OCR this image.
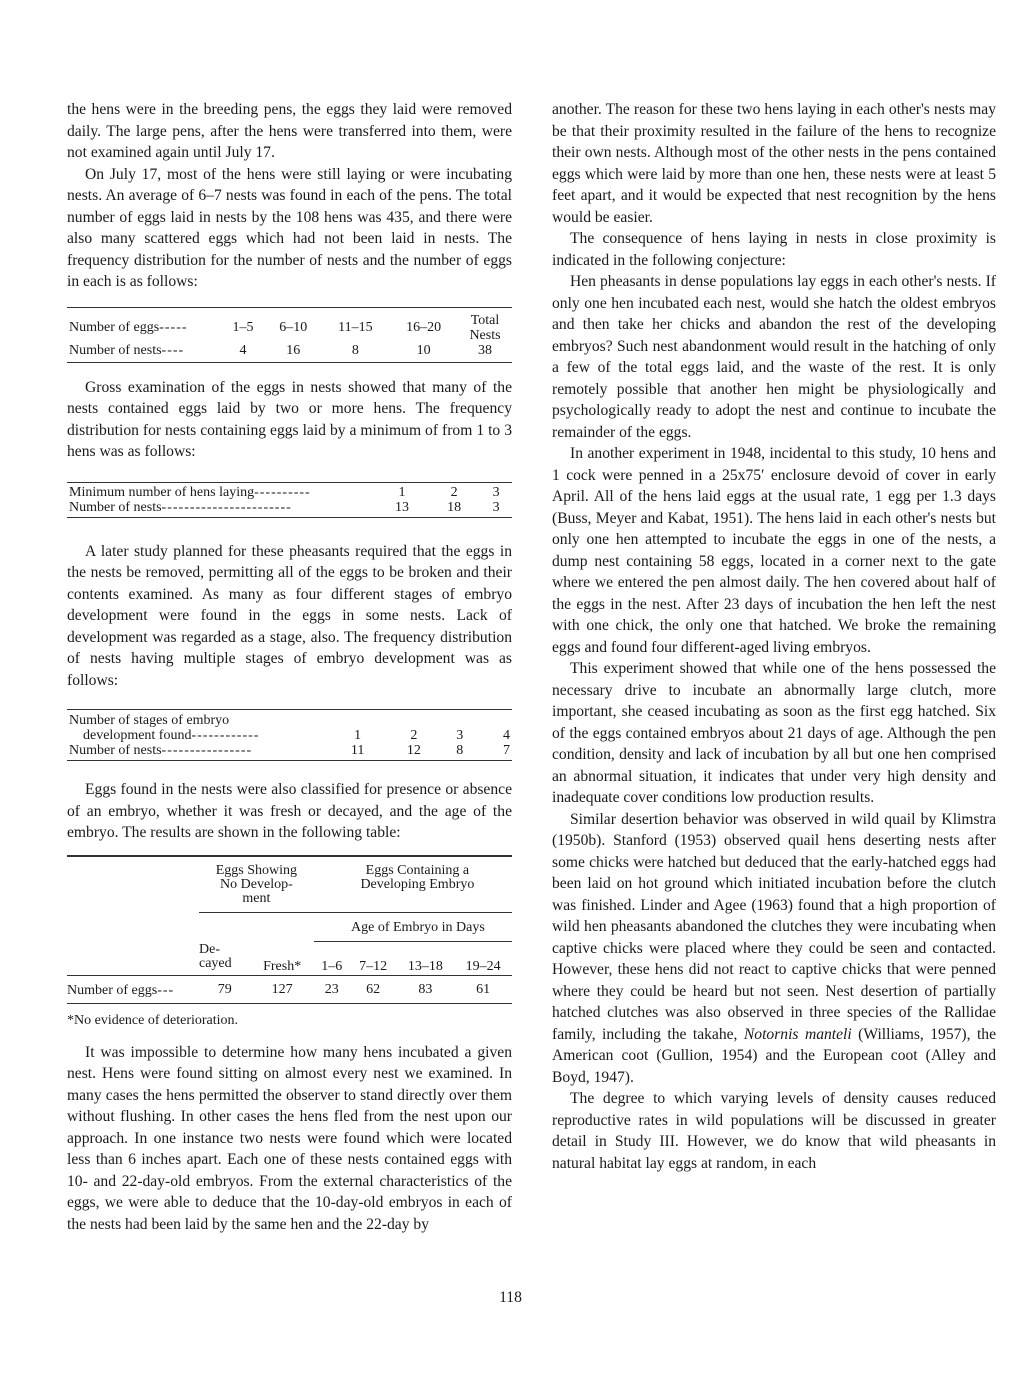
the hens were in the breeding pens, the eggs they laid were removed daily. The large pens, after the hens were transferred into them, were not examined again until July 17.

On July 17, most of the hens were still laying or were incubating nests. An average of 6–7 nests was found in each of the pens. The total number of eggs laid in nests by the 108 hens was 435, and there were also many scattered eggs which had not been laid in nests. The frequency distribution for the number of nests and the number of eggs in each is as follows:

Number of eggs-----	1–5	6–10	11–15	16–20	Total
Nests
Number of nests----	4	16	8	10	38

Gross examination of the eggs in nests showed that many of the nests contained eggs laid by two or more hens. The frequency distribution for nests containing eggs laid by a minimum of from 1 to 3 hens was as follows:

Minimum number of hens laying----------	1	2	3
Number of nests-----------------------	13	18	3

A later study planned for these pheasants required that the eggs in the nests be removed, permitting all of the eggs to be broken and their contents examined. As many as four different stages of embryo development were found in the eggs in some nests. Lack of development was regarded as a stage, also. The frequency distribution of nests having multiple stages of embryo development was as follows:

Number of stages of embryo				
development found------------	1	2	3	4
Number of nests----------------	11	12	8	7

Eggs found in the nests were also classified for presence or absence of an embryo, whether it was fresh or decayed, and the age of the embryo. The results are shown in the following table:

	Eggs Showing
No Develop-
ment		Eggs Containing a
Developing Embryo			
			Age of Embryo in Days			
	De-
cayed	Fresh*	1–6	7–12	13–18	19–24
Number of eggs---	79	127	23	62	83	61

*No evidence of deterioration.

It was impossible to determine how many hens incubated a given nest. Hens were found sitting on almost every nest we examined. In many cases the hens permitted the observer to stand directly over them without flushing. In other cases the hens fled from the nest upon our approach. In one instance two nests were found which were located less than 6 inches apart. Each one of these nests contained eggs with 10- and 22-day-old embryos. From the external characteristics of the eggs, we were able to deduce that the 10-day-old embryos in each of the nests had been laid by the same hen and the 22-day by

another. The reason for these two hens laying in each other's nests may be that their proximity resulted in the failure of the hens to recognize their own nests. Although most of the other nests in the pens contained eggs which were laid by more than one hen, these nests were at least 5 feet apart, and it would be expected that nest recognition by the hens would be easier.

The consequence of hens laying in nests in close proximity is indicated in the following conjecture:

Hen pheasants in dense populations lay eggs in each other's nests. If only one hen incubated each nest, would she hatch the oldest embryos and then take her chicks and abandon the rest of the developing embryos? Such nest abandonment would result in the hatching of only a few of the total eggs laid, and the waste of the rest. It is only remotely possible that another hen might be physiologically and psychologically ready to adopt the nest and continue to incubate the remainder of the eggs.

In another experiment in 1948, incidental to this study, 10 hens and 1 cock were penned in a 25x75′ enclosure devoid of cover in early April. All of the hens laid eggs at the usual rate, 1 egg per 1.3 days (Buss, Meyer and Kabat, 1951). The hens laid in each other's nests but only one hen attempted to incubate the eggs in one of the nests, a dump nest containing 58 eggs, located in a corner next to the gate where we entered the pen almost daily. The hen covered about half of the eggs in the nest. After 23 days of incubation the hen left the nest with one chick, the only one that hatched. We broke the remaining eggs and found four different-aged living embryos.

This experiment showed that while one of the hens possessed the necessary drive to incubate an abnormally large clutch, more important, she ceased incubating as soon as the first egg hatched. Six of the eggs contained embryos about 21 days of age. Although the pen condition, density and lack of incubation by all but one hen comprised an abnormal situation, it indicates that under very high density and inadequate cover conditions low production results.

Similar desertion behavior was observed in wild quail by Klimstra (1950b). Stanford (1953) observed quail hens deserting nests after some chicks were hatched but deduced that the early-hatched eggs had been laid on hot ground which initiated incubation before the clutch was finished. Linder and Agee (1963) found that a high proportion of wild hen pheasants abandoned the clutches they were incubating when captive chicks were placed where they could be seen and contacted. However, these hens did not react to captive chicks that were penned where they could be heard but not seen. Nest desertion of partially hatched clutches was also observed in three species of the Rallidae family, including the takahe, Notornis manteli (Williams, 1957), the American coot (Gullion, 1954) and the European coot (Alley and Boyd, 1947).

The degree to which varying levels of density causes reduced reproductive rates in wild populations will be discussed in greater detail in Study III. However, we do know that wild pheasants in natural habitat lay eggs at random, in each

118
